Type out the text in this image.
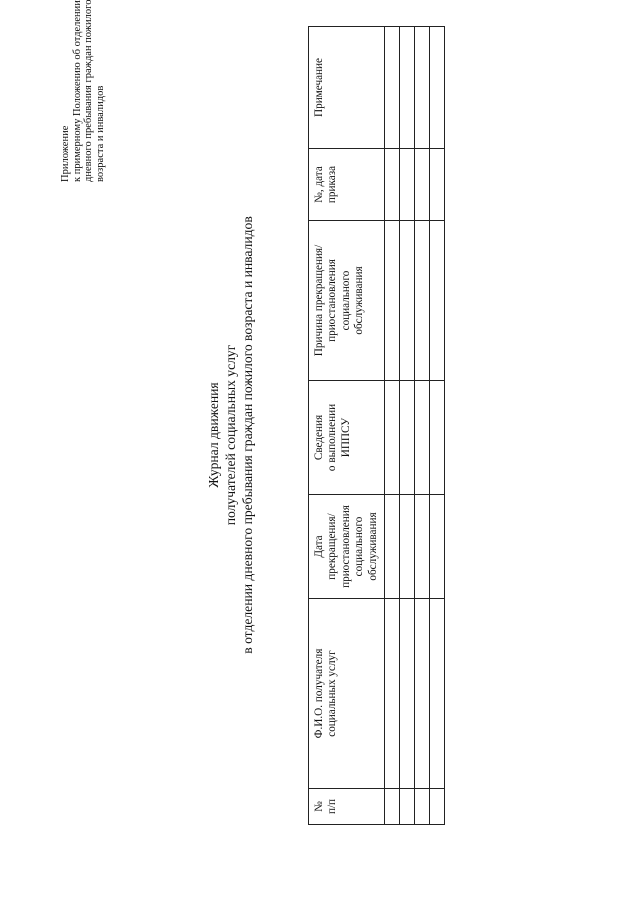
Приложение к примерному Положению об отделении дневного пребывания граждан пожилого возраста и инвалидов
Журнал движения получателей социальных услуг в отделении дневного пребывания граждан пожилого возраста и инвалидов
№ п/п	Ф.И.О. получателя социальных услуг	Дата прекращения/ приостановления социального обслуживания	Сведения о выполнении ИППСУ	Причина прекращения/ приостановления социального обслуживания	№, дата приказа	Примечание
